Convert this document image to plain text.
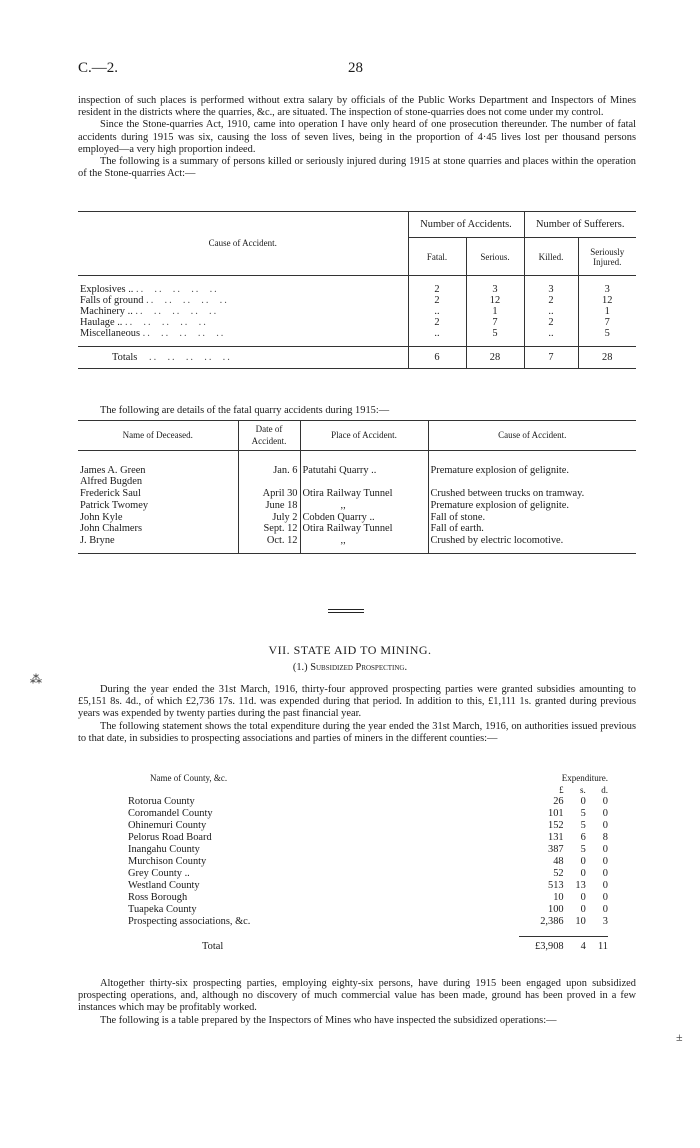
C.—2.	28

inspection of such places is performed without extra salary by officials of the Public Works Department and Inspectors of Mines resident in the districts where the quarries, &c., are situated. The inspection of stone-quarries does not come under my control.

Since the Stone-quarries Act, 1910, came into operation I have only heard of one prosecution thereunder. The number of fatal accidents during 1915 was six, causing the loss of seven lives, being in the proportion of 4·45 lives lost per thousand persons employed—a very high proportion indeed.

The following is a summary of persons killed or seriously injured during 1915 at stone quarries and places within the operation of the Stone-quarries Act:—

Cause of Accident.	Number of Accidents.		Number of Sufferers.	
	Fatal.	Serious.	Killed.	Seriously Injured.

Explosives .. ..  ..  ..  ..  ..	2	3	3	3
Falls of ground ..  ..  ..  ..  ..	2	12	2	12
Machinery .. ..  ..  ..  ..  ..	..	1	..	1
Haulage .. ..  ..  ..  ..  ..	2	7	2	7
Miscellaneous ..  ..  ..  ..  ..	..	5	..	5

Totals   ..  ..  ..  ..  ..	6	28	7	28

The following are details of the fatal quarry accidents during 1915:—

Name of Deceased.	Date of Accident.	Place of Accident.	Cause of Accident.

James A. Green	Jan. 6	Patutahi Quarry ..	Premature explosion of gelignite.
Alfred Bugden			
Frederick Saul	April 30	Otira Railway Tunnel	Crushed between trucks on tramway.
Patrick Twomey	June 18	,,	Premature explosion of gelignite.
John Kyle	July 2	Cobden Quarry ..	Fall of stone.
John Chalmers	Sept. 12	Otira Railway Tunnel	Fall of earth.
J. Bryne	Oct. 12	,,	Crushed by electric locomotive.

VII. STATE AID TO MINING.
(1.) Subsidized Prospecting.

During the year ended the 31st March, 1916, thirty-four approved prospecting parties were granted subsidies amounting to £5,151 8s. 4d., of which £2,736 17s. 11d. was expended during that period. In addition to this, £1,111 1s. granted during previous years was expended by twenty parties during the past financial year.

The following statement shows the total expenditure during the year ended the 31st March, 1916, on authorities issued previous to that date, in subsidies to prospecting associations and parties of miners in the different counties:—

Name of County, &c.	Expenditure.		
	£	s.	d.
Rotorua County	26	0	0
Coromandel County	101	5	0
Ohinemuri County	152	5	0
Pelorus Road Board	131	6	8
Inangahu County	387	5	0
Murchison County	48	0	0
Grey County ..	52	0	0
Westland County	513	13	0
Ross Borough	10	0	0
Tuapeka County	100	0	0
Prospecting associations, &c.	2,386	10	3

Total	£3,908	4	11

Altogether thirty-six prospecting parties, employing eighty-six persons, have during 1915 been engaged upon subsidized prospecting operations, and, although no discovery of much commercial value has been made, ground has been proved in a few instances which may be profitably worked.

The following is a table prepared by the Inspectors of Mines who have inspected the subsidized operations:—

⁂
±
